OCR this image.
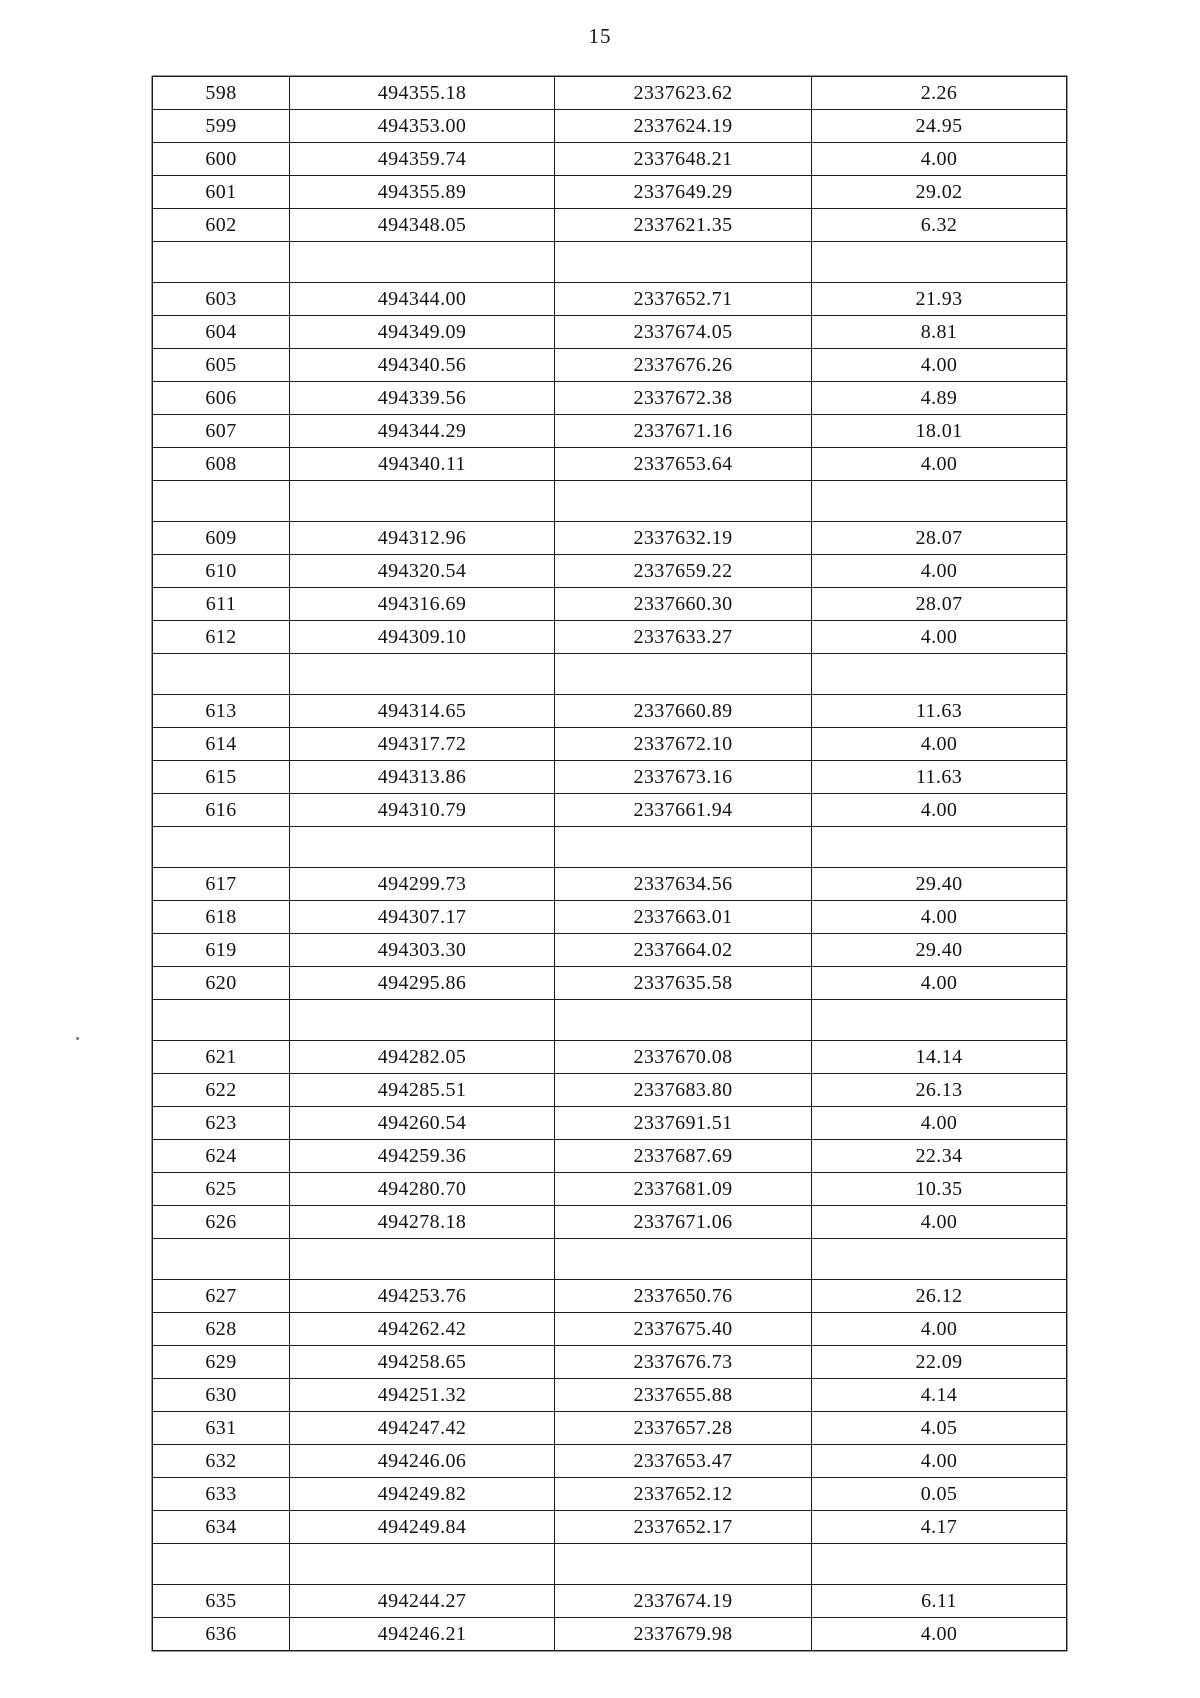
15
598	494355.18	2337623.62	2.26
599	494353.00	2337624.19	24.95
600	494359.74	2337648.21	4.00
601	494355.89	2337649.29	29.02
602	494348.05	2337621.35	6.32

603	494344.00	2337652.71	21.93
604	494349.09	2337674.05	8.81
605	494340.56	2337676.26	4.00
606	494339.56	2337672.38	4.89
607	494344.29	2337671.16	18.01
608	494340.11	2337653.64	4.00

609	494312.96	2337632.19	28.07
610	494320.54	2337659.22	4.00
611	494316.69	2337660.30	28.07
612	494309.10	2337633.27	4.00

613	494314.65	2337660.89	11.63
614	494317.72	2337672.10	4.00
615	494313.86	2337673.16	11.63
616	494310.79	2337661.94	4.00

617	494299.73	2337634.56	29.40
618	494307.17	2337663.01	4.00
619	494303.30	2337664.02	29.40
620	494295.86	2337635.58	4.00

621	494282.05	2337670.08	14.14
622	494285.51	2337683.80	26.13
623	494260.54	2337691.51	4.00
624	494259.36	2337687.69	22.34
625	494280.70	2337681.09	10.35
626	494278.18	2337671.06	4.00

627	494253.76	2337650.76	26.12
628	494262.42	2337675.40	4.00
629	494258.65	2337676.73	22.09
630	494251.32	2337655.88	4.14
631	494247.42	2337657.28	4.05
632	494246.06	2337653.47	4.00
633	494249.82	2337652.12	0.05
634	494249.84	2337652.17	4.17

635	494244.27	2337674.19	6.11
636	494246.21	2337679.98	4.00
